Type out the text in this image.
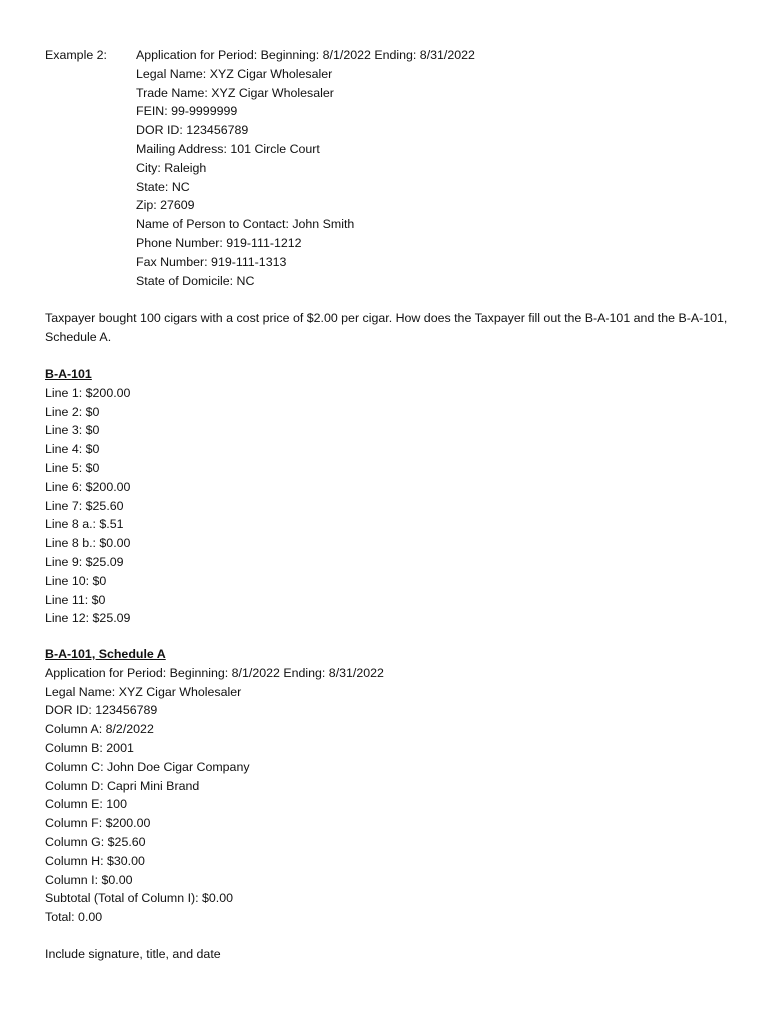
Example 2: Application for Period: Beginning: 8/1/2022 Ending: 8/31/2022
Legal Name: XYZ Cigar Wholesaler
Trade Name: XYZ Cigar Wholesaler
FEIN: 99-9999999
DOR ID: 123456789
Mailing Address: 101 Circle Court
City: Raleigh
State: NC
Zip: 27609
Name of Person to Contact: John Smith
Phone Number: 919-111-1212
Fax Number: 919-111-1313
State of Domicile: NC
Taxpayer bought 100 cigars with a cost price of $2.00 per cigar. How does the Taxpayer fill out the B-A-101 and the B-A-101, Schedule A.
B-A-101
Line 1: $200.00
Line 2: $0
Line 3: $0
Line 4: $0
Line 5: $0
Line 6: $200.00
Line 7: $25.60
Line 8 a.: $.51
Line 8 b.: $0.00
Line 9: $25.09
Line 10: $0
Line 11: $0
Line 12: $25.09
B-A-101, Schedule A
Application for Period: Beginning: 8/1/2022 Ending: 8/31/2022
Legal Name: XYZ Cigar Wholesaler
DOR ID: 123456789
Column A: 8/2/2022
Column B: 2001
Column C: John Doe Cigar Company
Column D: Capri Mini Brand
Column E: 100
Column F: $200.00
Column G: $25.60
Column H: $30.00
Column I: $0.00
Subtotal (Total of Column I): $0.00
Total: 0.00
Include signature, title, and date
